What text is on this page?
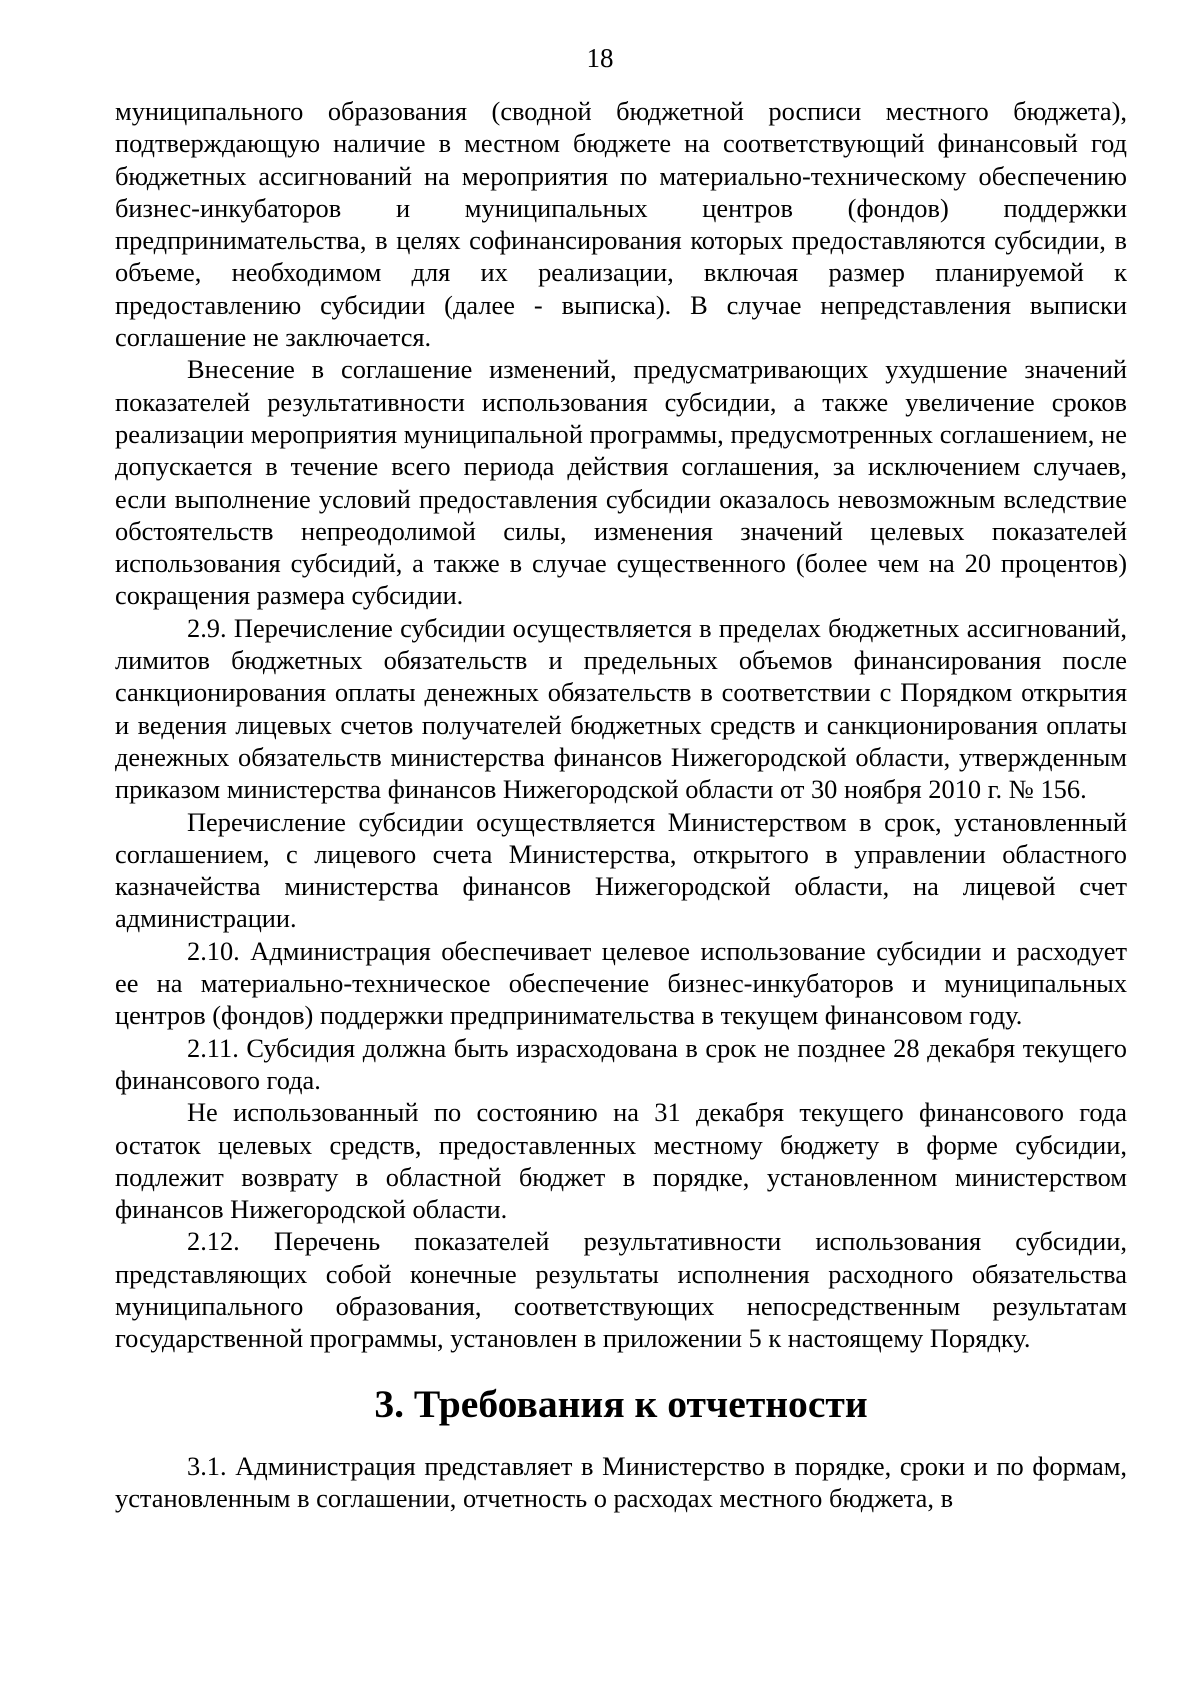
18

муниципального образования (сводной бюджетной росписи местного бюджета), подтверждающую наличие в местном бюджете на соответствующий финансовый год бюджетных ассигнований на мероприятия по материально-техническому обеспечению бизнес-инкубаторов и муниципальных центров (фондов) поддержки предпринимательства, в целях софинансирования которых предоставляются субсидии, в объеме, необходимом для их реализации, включая размер планируемой к предоставлению субсидии (далее - выписка). В случае непредставления выписки соглашение не заключается.

Внесение в соглашение изменений, предусматривающих ухудшение значений показателей результативности использования субсидии, а также увеличение сроков реализации мероприятия муниципальной программы, предусмотренных соглашением, не допускается в течение всего периода действия соглашения, за исключением случаев, если выполнение условий предоставления субсидии оказалось невозможным вследствие обстоятельств непреодолимой силы, изменения значений целевых показателей использования субсидий, а также в случае существенного (более чем на 20 процентов) сокращения размера субсидии.

2.9. Перечисление субсидии осуществляется в пределах бюджетных ассигнований, лимитов бюджетных обязательств и предельных объемов финансирования после санкционирования оплаты денежных обязательств в соответствии с Порядком открытия и ведения лицевых счетов получателей бюджетных средств и санкционирования оплаты денежных обязательств министерства финансов Нижегородской области, утвержденным приказом министерства финансов Нижегородской области от 30 ноября 2010 г. № 156.

Перечисление субсидии осуществляется Министерством в срок, установленный соглашением, с лицевого счета Министерства, открытого в управлении областного казначейства министерства финансов Нижегородской области, на лицевой счет администрации.

2.10. Администрация обеспечивает целевое использование субсидии и расходует ее на материально-техническое обеспечение бизнес-инкубаторов и муниципальных центров (фондов) поддержки предпринимательства в текущем финансовом году.

2.11. Субсидия должна быть израсходована в срок не позднее 28 декабря текущего финансового года.

Не использованный по состоянию на 31 декабря текущего финансового года остаток целевых средств, предоставленных местному бюджету в форме субсидии, подлежит возврату в областной бюджет в порядке, установленном министерством финансов Нижегородской области.

2.12. Перечень показателей результативности использования субсидии, представляющих собой конечные результаты исполнения расходного обязательства муниципального образования, соответствующих непосредственным результатам государственной программы, установлен в приложении 5 к настоящему Порядку.

3. Требования к отчетности

3.1. Администрация представляет в Министерство в порядке, сроки и по формам, установленным в соглашении, отчетность о расходах местного бюджета, в
